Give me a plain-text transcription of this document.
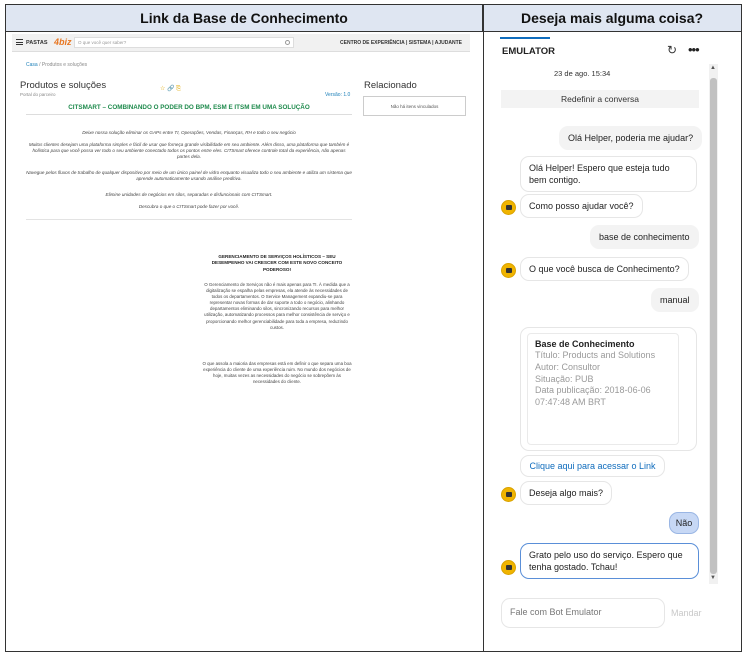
Link da Base de Conhecimento	Deseja mais alguma coisa?
PASTAS 4biz	O que você quer saber?	CENTRO DE EXPERIÊNCIA | SISTEMA | AJUDANTE
Casa / Produtos e soluções
Produtos e soluções	☆ 🔗 ⎘
Portal do parceiro	Versão: 1.0
Relacionado
Não há itens vinculados
CITSMART – COMBINANDO O PODER DO BPM, ESM E ITSM EM UMA SOLUÇÃO
Deixe nossa solução eliminar os GAPs entre TI, Operações, Vendas, Finanças, RH e todo o seu negócio
Muitos clientes desejam uma plataforma simples e fácil de usar que forneça grande visibilidade em seu ambiente. Além disso, uma plataforma que também é holística para que você possa ver todo o seu ambiente conectado todos os pontos entre eles. CITSmart oferece controle total da experiência, não apenas partes dela.
Navegue pelos fluxos de trabalho de qualquer dispositivo por meio de um único painel de vidro enquanto visualiza todo o seu ambiente e utiliza um sistema que aprende automaticamente usando análise preditiva.
Elimine unidades de negócios em silos, separadas e disfuncionais com CITSmart.
Descubra o que o CITSmart pode fazer por você.
GERENCIAMENTO DE SERVIÇOS HOLÍSTICOS – SEU DESEMPENHO VAI CRESCER COM ESTE NOVO CONCEITO PODEROSO!
O Gerenciamento de Serviços não é mais apenas para TI. À medida que a digitalização se espalha pelas empresas, ela atende às necessidades de todos os departamentos. O Service Management expandiu-se para representar novas formas de dar suporte a todo o negócio, alinhando departamentos eliminando silos, sincronizando recursos para melhor utilização, automatizando processos para melhor consistência de serviço e proporcionando melhor gerenciabilidade para toda a empresa, reduzindo custos.
O que assola a maioria das empresas está em definir o que separa uma boa experiência do cliente de uma experiência ruim. No mundo dos negócios de hoje, muitas vezes as necessidades do negócio se sobrepõem às necessidades do cliente.
EMULATOR	↻ •••
▲
▼
23 de ago. 15:34
Redefinir a conversa
Olá Helper, poderia me ajudar?
Olá Helper! Espero que esteja tudo bem contigo.
Como posso ajudar você?
base de conhecimento
O que você busca de Conhecimento?
manual
Base de Conhecimento
Título: Products and Solutions
Autor: Consultor
Situação: PUB
Data publicação: 2018-06-06 07:47:48 AM BRT
Clique aqui para acessar o Link
Deseja algo mais?
Não
Grato pelo uso do serviço. Espero que tenha gostado. Tchau!
Fale com Bot Emulator	Mandar
